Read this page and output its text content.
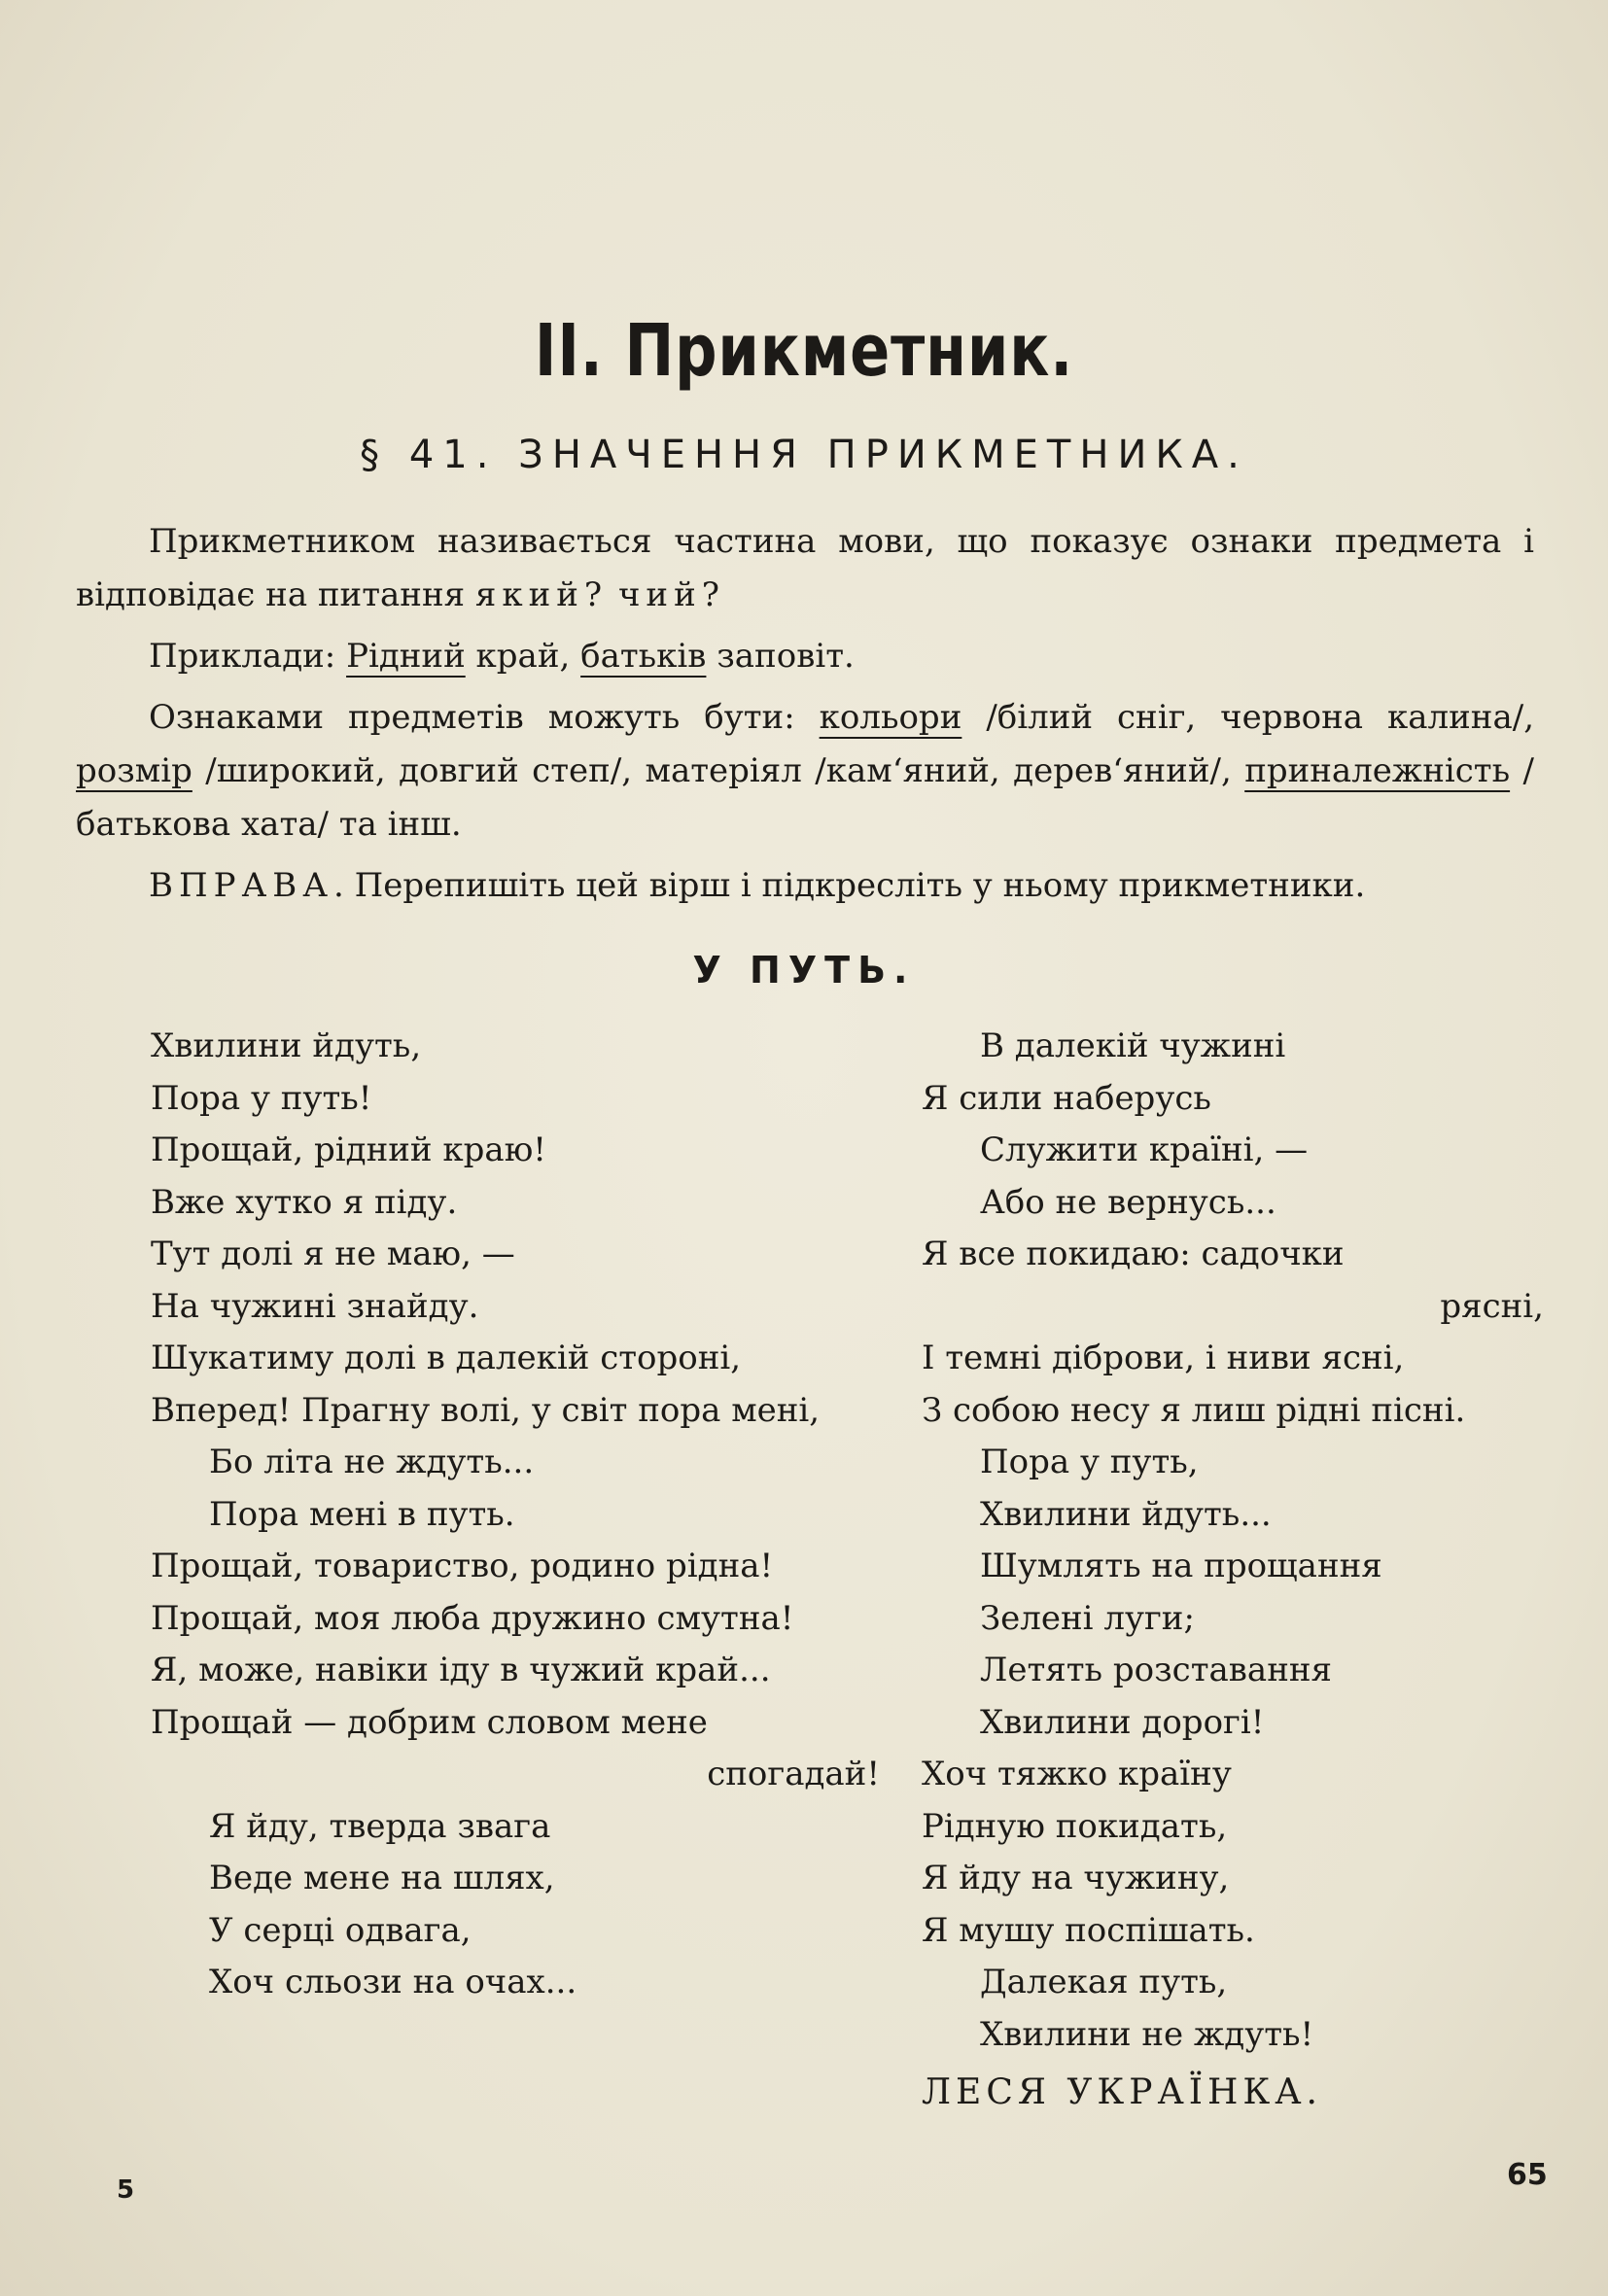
II. Прикметник.
§ 41. ЗНАЧЕННЯ ПРИКМЕТНИКА.

Прикметником називається частина мови, що показує ознаки предмета і відповідає на питання який? чий?

Приклади: Рідний край, батьків заповіт.

Ознаками предметів можуть бути: кольори /білий сніг, червона калина/, розмір /широкий, довгий степ/, матеріял /кам‘яний, дерев‘яний/, приналежність /батькова хата/ та інш.

ВПРАВА. Перепишіть цей вірш і підкресліть у ньому прикметники.

У ПУТЬ.
Хвилини йдуть,
Пора у путь!
Прощай, рідний краю!
Вже хутко я піду.
Тут долі я не маю, —
На чужині знайду.
Шукатиму долі в далекій стороні,
Вперед! Прагну волі, у світ пора мені,
Бо літа не ждуть...
Пора мені в путь.
Прощай, товариство, родино рідна!
Прощай, моя люба дружино смутна!
Я, може, навіки іду в чужий край...
Прощай — добрим словом мене
спогадай!
Я йду, тверда звага
Веде мене на шлях,
У серці одвага,
Хоч сльози на очах...
В далекій чужині
Я сили наберусь
Служити країні, —
Або не вернусь...
Я все покидаю: садочки
рясні,
І темні діброви, і ниви ясні,
З собою несу я лиш рідні пісні.
Пора у путь,
Хвилини йдуть...
Шумлять на прощання
Зелені луги;
Летять розставання
Хвилини дорогі!
Хоч тяжко країну
Рідную покидать,
Я йду на чужину,
Я мушу поспішать.
Далекая путь,
Хвилини не ждуть!
ЛЕСЯ УКРАЇНКА.
5	65
